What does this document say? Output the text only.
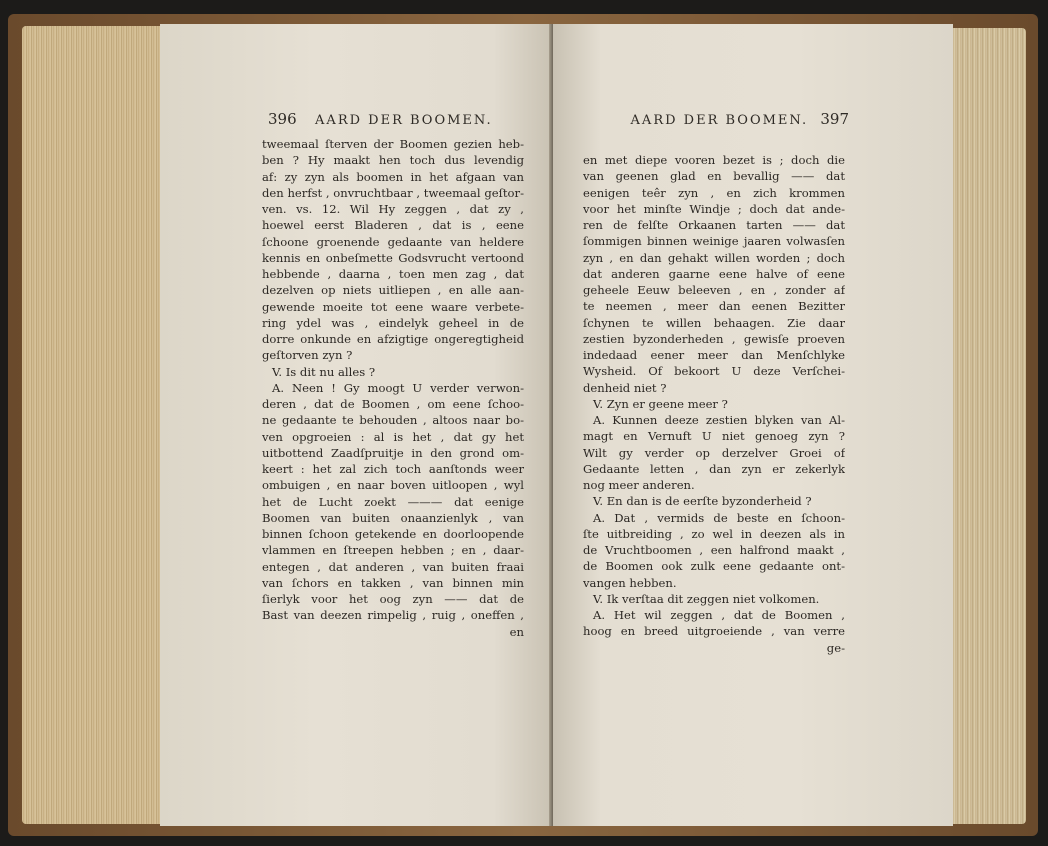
396 AARD DER BOOMEN.
tweemaal ſterven der Boomen gezien heb-
ben ? Hy maakt hen toch dus levendig
af: zy zyn als boomen in het afgaan van
den herfst , onvruchtbaar , tweemaal geſtor-
ven. vs. 12. Wil Hy zeggen , dat zy ,
hoewel eerst Bladeren , dat is , eene
ſchoone groenende gedaante van heldere
kennis en onbeſmette Godsvrucht vertoond
hebbende , daarna , toen men zag , dat
dezelven op niets uitliepen , en alle aan-
gewende moeite tot eene waare verbete-
ring ydel was , eindelyk geheel in de
dorre onkunde en afzigtige ongeregtigheid
geſtorven zyn ?
V. Is dit nu alles ?
A. Neen ! Gy moogt U verder verwon-
deren , dat de Boomen , om eene ſchoo-
ne gedaante te behouden , altoos naar bo-
ven opgroeien : al is het , dat gy het
uitbottend Zaadſpruitje in den grond om-
keert : het zal zich toch aanſtonds weer
ombuigen , en naar boven uitloopen , wyl
het de Lucht zoekt ——— dat eenige
Boomen van buiten onaanzienlyk , van
binnen ſchoon getekende en doorloopende
vlammen en ſtreepen hebben ; en , daar-
entegen , dat anderen , van buiten fraai
van ſchors en takken , van binnen min
ſierlyk voor het oog zyn —— dat de
Bast van deezen rimpelig , ruig , oneffen ,
en
AARD DER BOOMEN. 397
en met diepe vooren bezet is ; doch die
van geenen glad en bevallig —— dat
eenigen teêr zyn , en zich krommen
voor het minſte Windje ; doch dat ande-
ren de felſte Orkaanen tarten —— dat
ſommigen binnen weinige jaaren volwasſen
zyn , en dan gehakt willen worden ; doch
dat anderen gaarne eene halve of eene
geheele Eeuw beleeven , en , zonder af
te neemen , meer dan eenen Bezitter
ſchynen te willen behaagen. Zie daar
zestien byzonderheden , gewisſe proeven
indedaad eener meer dan Menſchlyke
Wysheid. Of bekoort U deze Verſchei-
denheid niet ?
V. Zyn er geene meer ?
A. Kunnen deeze zestien blyken van Al-
magt en Vernuft U niet genoeg zyn ?
Wilt gy verder op derzelver Groei of
Gedaante letten , dan zyn er zekerlyk
nog meer anderen.
V. En dan is de eerſte byzonderheid ?
A. Dat , vermids de beste en ſchoon-
ſte uitbreiding , zo wel in deezen als in
de Vruchtboomen , een halfrond maakt ,
de Boomen ook zulk eene gedaante ont-
vangen hebben.
V. Ik verſtaa dit zeggen niet volkomen.
A. Het wil zeggen , dat de Boomen ,
hoog en breed uitgroeiende , van verre
ge-
